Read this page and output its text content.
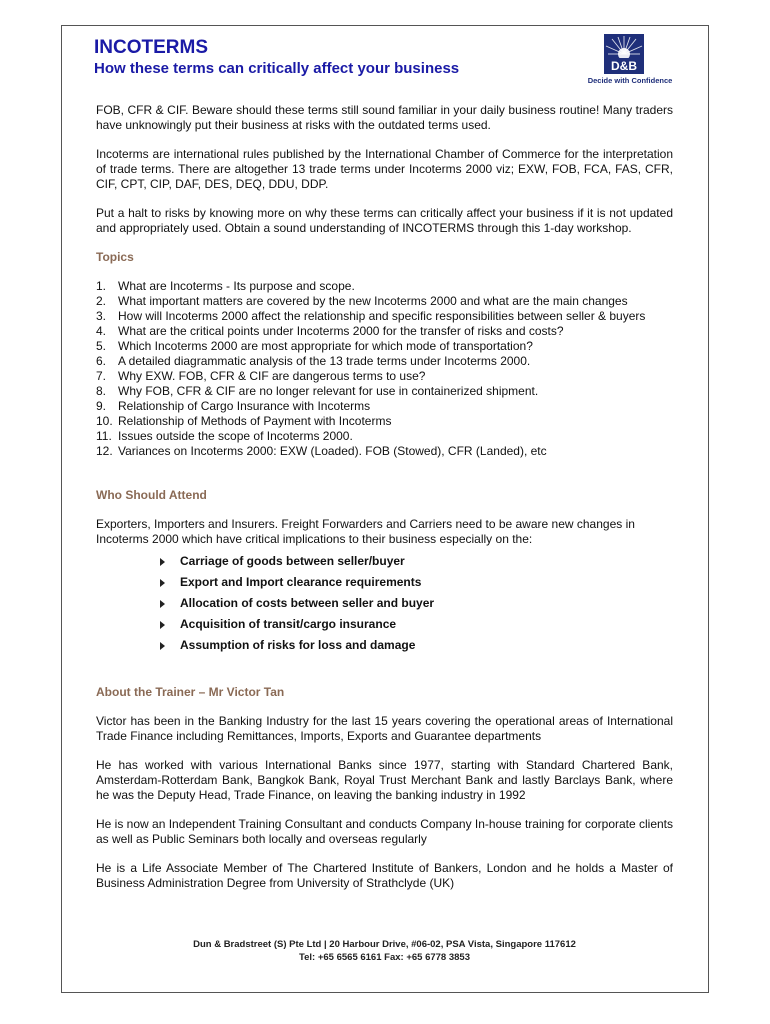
INCOTERMS
How these terms can critically affect your business	D&B
Decide with Confidence

FOB, CFR & CIF. Beware should these terms still sound familiar in your daily business routine! Many traders have unknowingly put their business at risks with the outdated terms used.

Incoterms are international rules published by the International Chamber of Commerce for the interpretation of trade terms. There are altogether 13 trade terms under Incoterms 2000 viz; EXW, FOB, FCA, FAS, CFR, CIF, CPT, CIP, DAF, DES, DEQ, DDU, DDP.

Put a halt to risks by knowing more on why these terms can critically affect your business if it is not updated and appropriately used. Obtain a sound understanding of INCOTERMS through this 1-day workshop.

Topics
1. What are Incoterms - Its purpose and scope.
2. What important matters are covered by the new Incoterms 2000 and what are the main changes
3. How will Incoterms 2000 affect the relationship and specific responsibilities between seller & buyers
4. What are the critical points under Incoterms 2000 for the transfer of risks and costs?
5. Which Incoterms 2000 are most appropriate for which mode of transportation?
6. A detailed diagrammatic analysis of the 13 trade terms under Incoterms 2000.
7. Why EXW. FOB, CFR & CIF are dangerous terms to use?
8. Why FOB, CFR & CIF are no longer relevant for use in containerized shipment.
9. Relationship of Cargo Insurance with Incoterms
10. Relationship of Methods of Payment with Incoterms
11. Issues outside the scope of Incoterms 2000.
12. Variances on Incoterms 2000: EXW (Loaded). FOB (Stowed), CFR (Landed), etc
Who Should Attend

Exporters, Importers and Insurers. Freight Forwarders and Carriers need to be aware new changes in Incoterms 2000 which have critical implications to their business especially on the:

Carriage of goods between seller/buyer
Export and Import clearance requirements
Allocation of costs between seller and buyer
Acquisition of transit/cargo insurance
Assumption of risks for loss and damage
About the Trainer – Mr Victor Tan

Victor has been in the Banking Industry for the last 15 years covering the operational areas of International Trade Finance including Remittances, Imports, Exports and Guarantee departments

He has worked with various International Banks since 1977, starting with Standard Chartered Bank, Amsterdam-Rotterdam Bank, Bangkok Bank, Royal Trust Merchant Bank and lastly Barclays Bank, where he was the Deputy Head, Trade Finance, on leaving the banking industry in 1992

He is now an Independent Training Consultant and conducts Company In-house training for corporate clients as well as Public Seminars both locally and overseas regularly

He is a Life Associate Member of The Chartered Institute of Bankers, London and he holds a Master of Business Administration Degree from University of Strathclyde (UK)

Dun & Bradstreet (S) Pte Ltd | 20 Harbour Drive, #06-02, PSA Vista, Singapore 117612
Tel: +65 6565 6161 Fax: +65 6778 3853
